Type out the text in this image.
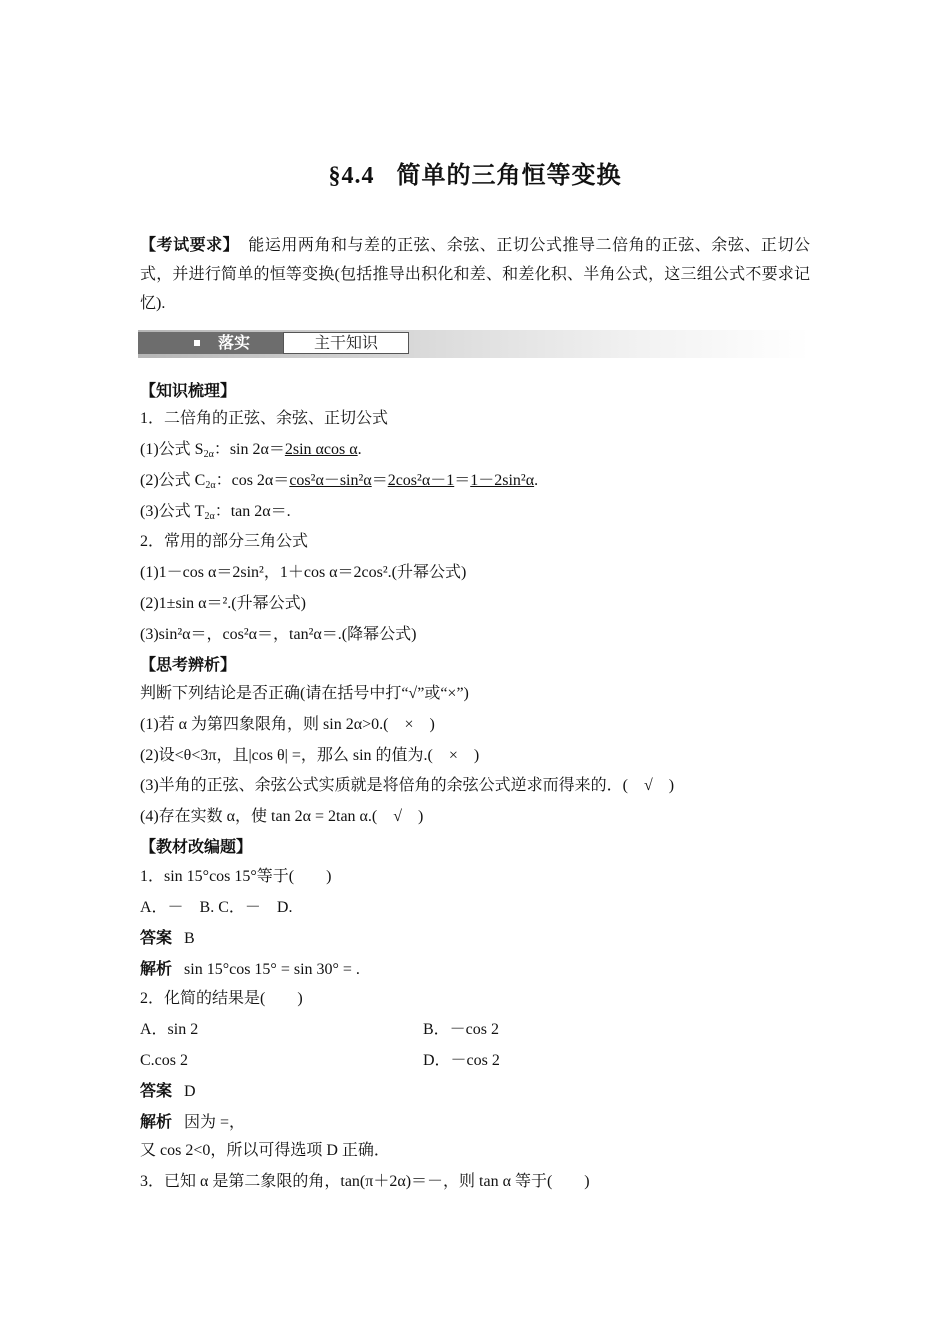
§4.4 简单的三角恒等变换
【考试要求】 能运用两角和与差的正弦、余弦、正切公式推导二倍角的正弦、余弦、正切公式，并进行简单的恒等变换(包括推导出积化和差、和差化积、半角公式，这三组公式不要求记忆).
落实	主干知识
【知识梳理】
1．二倍角的正弦、余弦、正切公式
(1)公式 $S_{2\alpha}$：sin 2α＝2sin αcos α.
(2)公式 $C_{2\alpha}$：cos 2α＝cos²α－sin²α＝2cos²α－1＝1－2sin²α.
(3)公式 $T_{2\alpha}$：tan 2α＝.
2．常用的部分三角公式
(1)1－cos α＝2sin²，1＋cos α＝2cos².(升幂公式)
(2)1±sin α＝².(升幂公式)
(3)sin²α＝，cos²α＝，tan²α＝.(降幂公式)
【思考辨析】
判断下列结论是否正确(请在括号中打“√”或“×”)
(1)若 α 为第四象限角，则 sin 2α>0.(　×　)
(2)设<θ<3π，且|cos θ| =，那么 sin 的值为.(　×　)
(3)半角的正弦、余弦公式实质就是将倍角的余弦公式逆求而得来的．(　√　)
(4)存在实数 α，使 tan 2α = 2tan α.(　√　)
【教材改编题】
1．sin 15°cos 15°等于(　　)
A．－　B. C．－　D.
答案 B
解析 sin 15°cos 15° = sin 30° = .
2．化简的结果是(　　)
A．sin 2	B．－cos 2
C.cos 2	D．－cos 2
答案 D
解析 因为 =，
又 cos 2<0，所以可得选项 D 正确．
3．已知 α 是第二象限的角，tan(π＋2α)＝－，则 tan α 等于(　　)
